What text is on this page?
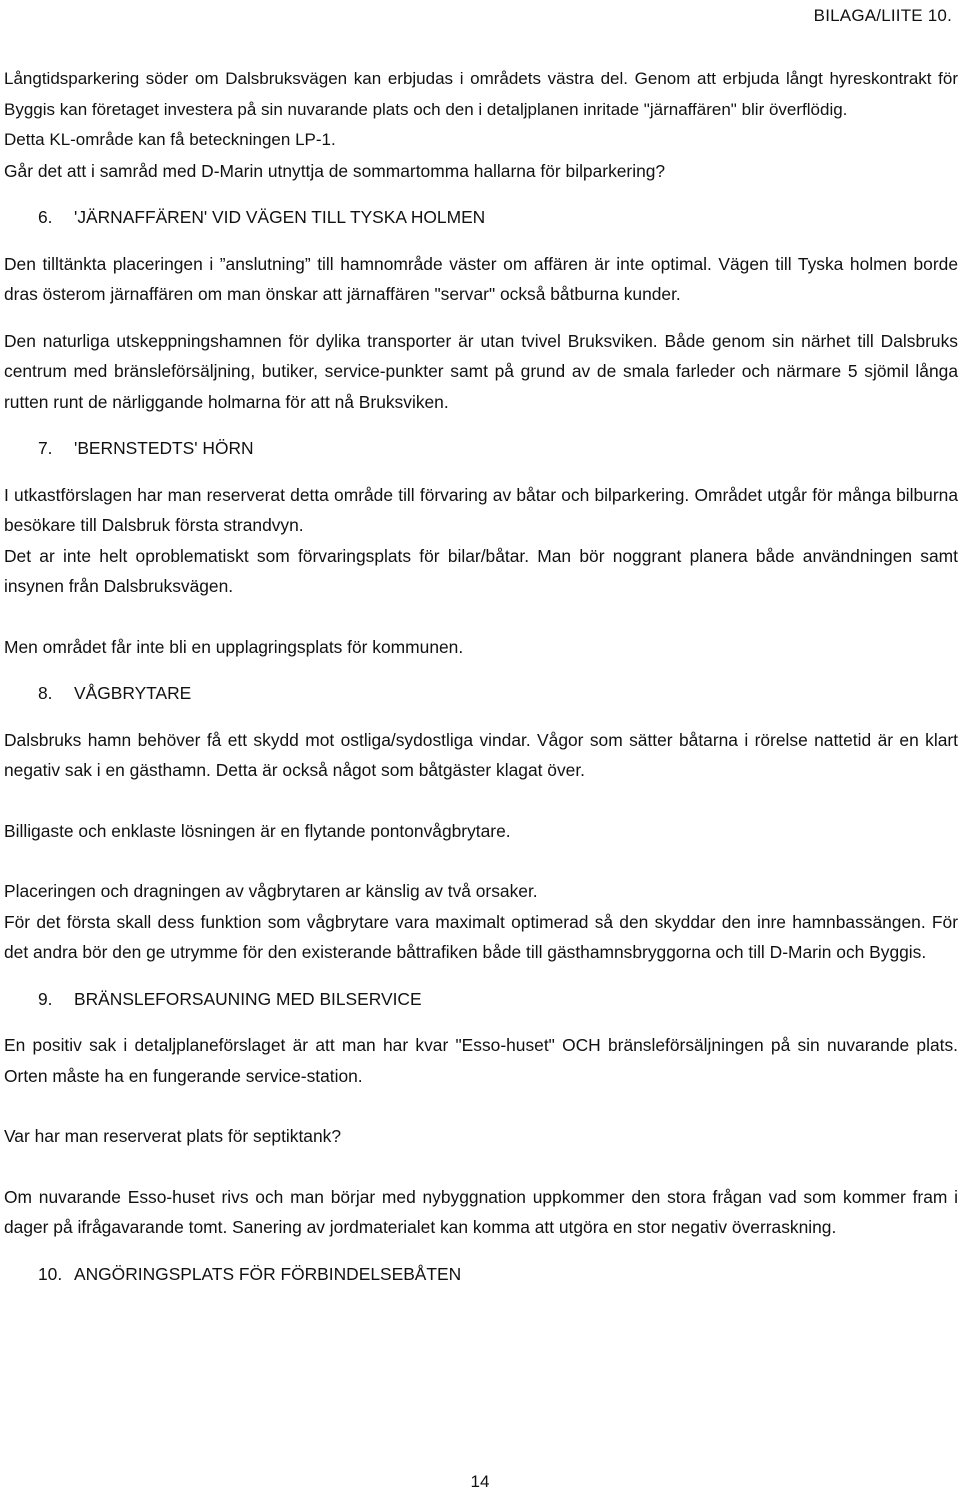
BILAGA/LIITE 10.

Långtidsparkering söder om Dalsbruksvägen kan erbjudas i områdets västra del. Genom att erbjuda långt hyreskontrakt för Byggis kan företaget investera på sin nuvarande plats och den i detaljplanen inritade "järnaffären" blir överflödig.

Detta KL-område kan få beteckningen LP-1.

Går det att i samråd med D-Marin utnyttja de sommartomma hallarna för bilparkering?

6.	'JÄRNAFFÄREN' VID VÄGEN TILL TYSKA HOLMEN

Den tilltänkta placeringen i ”anslutning” till hamnområde väster om affären är inte optimal. Vägen till Tyska holmen borde dras österom järnaffären om man önskar att järnaffären "servar" också båtburna kunder.

Den naturliga utskeppningshamnen för dylika transporter är utan tvivel Bruksviken. Både genom sin närhet till Dalsbruks centrum med bränsleförsäljning, butiker, service-punkter samt på grund av de smala farleder och närmare 5 sjömil långa rutten runt de närliggande holmarna för att nå Bruksviken.

7.	'BERNSTEDTS' HÖRN

I utkastförslagen har man reserverat detta område till förvaring av båtar och bilparkering. Området utgår för många bilburna besökare till Dalsbruk första strandvyn.

Det ar inte helt oproblematiskt som förvaringsplats för bilar/båtar. Man bör noggrant planera både användningen samt insynen från Dalsbruksvägen.

Men området får inte bli en upplagringsplats för kommunen.

8.	VÅGBRYTARE

Dalsbruks hamn behöver få ett skydd mot ostliga/sydostliga vindar. Vågor som sätter båtarna i rörelse nattetid är en klart negativ sak i en gästhamn. Detta är också något som båtgäster klagat över.

Billigaste och enklaste lösningen är en flytande pontonvågbrytare.

Placeringen och dragningen av vågbrytaren ar känslig av två orsaker.

För det första skall dess funktion som vågbrytare vara maximalt optimerad så den skyddar den inre hamnbassängen. För det andra bör den ge utrymme för den existerande båttrafiken både till gästhamnsbryggorna och till D-Marin och Byggis.

9.	BRÄNSLEFORSAUNING MED BILSERVICE

En positiv sak i detaljplaneförslaget är att man har kvar "Esso-huset" OCH bränsleförsäljningen på sin nuvarande plats. Orten måste ha en fungerande service-station.

Var har man reserverat plats för septiktank?

Om nuvarande Esso-huset rivs och man börjar med nybyggnation uppkommer den stora frågan vad som kommer fram i dager på ifrågavarande tomt. Sanering av jordmaterialet kan komma att utgöra en stor negativ överraskning.

10. ANGÖRINGSPLATS FÖR FÖRBINDELSEBÅTEN
14
